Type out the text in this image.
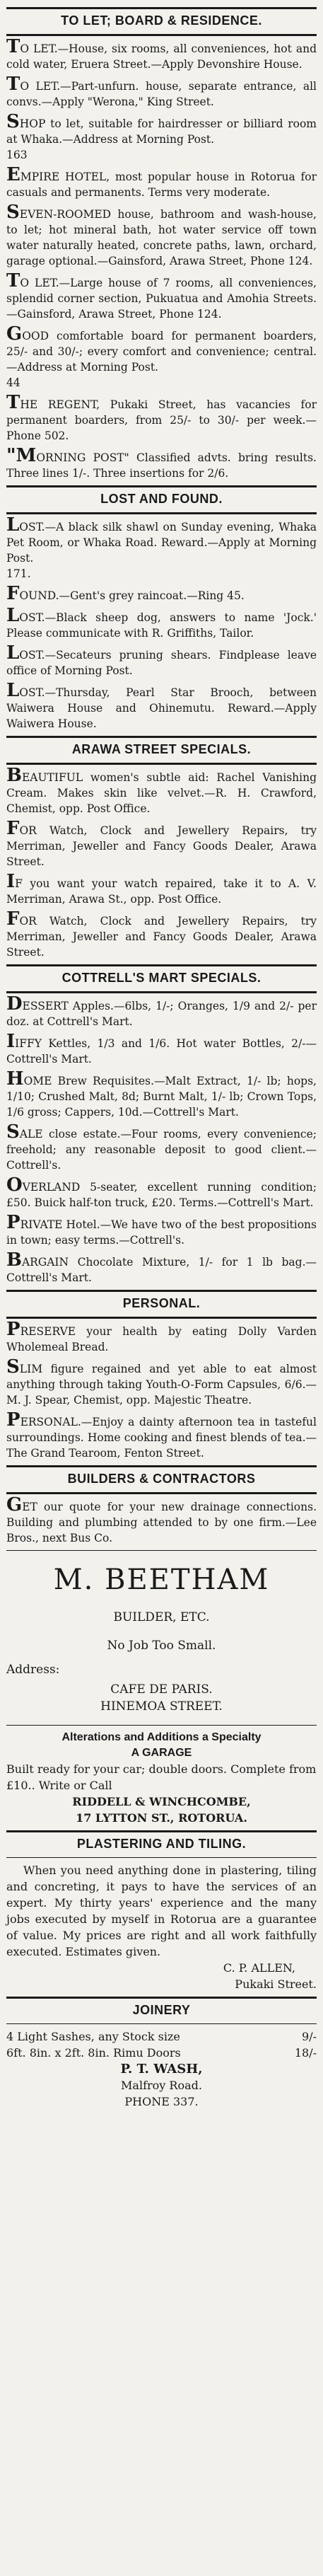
TO LET; BOARD & RESIDENCE.
TO LET.—House, six rooms, all conveniences, hot and cold water, Eruera Street.—Apply Devonshire House.
TO LET.—Part-unfurn. house, separate entrance, all convs.—Apply "Werona," King Street.
SHOP to let, suitable for hairdresser or billiard room at Whaka.—Address at Morning Post.
163
EMPIRE HOTEL, most popular house in Rotorua for casuals and permanents. Terms very moderate.
SEVEN-ROOMED house, bathroom and wash-house, to let; hot mineral bath, hot water service off town water naturally heated, concrete paths, lawn, orchard, garage optional.—Gainsford, Arawa Street, Phone 124.
TO LET.—Large house of 7 rooms, all conveniences, splendid corner section, Pukuatua and Amohia Streets.—Gainsford, Arawa Street, Phone 124.
GOOD comfortable board for permanent boarders, 25/- and 30/-; every comfort and convenience; central.—Address at Morning Post.
44
THE REGENT, Pukaki Street, has vacancies for permanent boarders, from 25/- to 30/- per week.—Phone 502.
"MORNING POST" Classified advts. bring results. Three lines 1/-. Three insertions for 2/6.
LOST AND FOUND.
LOST.—A black silk shawl on Sunday evening, Whaka Pet Room, or Whaka Road. Reward.—Apply at Morning Post.
171.
FOUND.—Gent's grey raincoat.—Ring 45.
LOST.—Black sheep dog, answers to name 'Jock.' Please communicate with R. Griffiths, Tailor.
LOST.—Secateurs pruning shears. Findplease leave office of Morning Post.
LOST.—Thursday, Pearl Star Brooch, between Waiwera House and Ohinemutu. Reward.—Apply Waiwera House.
ARAWA STREET SPECIALS.
BEAUTIFUL women's subtle aid: Rachel Vanishing Cream. Makes skin like velvet.—R. H. Crawford, Chemist, opp. Post Office.
FOR Watch, Clock and Jewellery Repairs, try Merriman, Jeweller and Fancy Goods Dealer, Arawa Street.
IF you want your watch repaired, take it to A. V. Merriman, Arawa St., opp. Post Office.
FOR Watch, Clock and Jewellery Repairs, try Merriman, Jeweller and Fancy Goods Dealer, Arawa Street.
COTTRELL'S MART SPECIALS.
DESSERT Apples.—6lbs, 1/-; Oranges, 1/9 and 2/- per doz. at Cottrell's Mart.
IIFFY Kettles, 1/3 and 1/6. Hot water Bottles, 2/-—Cottrell's Mart.
HOME Brew Requisites.—Malt Extract, 1/- lb; hops, 1/10; Crushed Malt, 8d; Burnt Malt, 1/- lb; Crown Tops, 1/6 gross; Cappers, 10d.—Cottrell's Mart.
SALE close estate.—Four rooms, every convenience; freehold; any reasonable deposit to good client.—Cottrell's.
OVERLAND 5-seater, excellent running condition; £50. Buick half-ton truck, £20. Terms.—Cottrell's Mart.
PRIVATE Hotel.—We have two of the best propositions in town; easy terms.—Cottrell's.
BARGAIN Chocolate Mixture, 1/- for 1 lb bag.—Cottrell's Mart.
PERSONAL.
PRESERVE your health by eating Dolly Varden Wholemeal Bread.
SLIM figure regained and yet able to eat almost anything through taking Youth-O-Form Capsules, 6/6.—M. J. Spear, Chemist, opp. Majestic Theatre.
PERSONAL.—Enjoy a dainty afternoon tea in tasteful surroundings. Home cooking and finest blends of tea.—The Grand Tearoom, Fenton Street.
BUILDERS & CONTRACTORS
GET our quote for your new drainage connections. Building and plumbing attended to by one firm.—Lee Bros., next Bus Co.
M. BEETHAM
BUILDER, ETC.
No Job Too Small.
Address:
CAFE DE PARIS.
HINEMOA STREET.
Alterations and Additions a Specialty
A GARAGE
Built ready for your car; double doors. Complete from £10.. Write or Call
RIDDELL & WINCHCOMBE,
17 LYTTON ST., ROTORUA.
PLASTERING AND TILING.
When you need anything done in plastering, tiling and concreting, it pays to have the services of an expert. My thirty years' experience and the many jobs executed by myself in Rotorua are a guarantee of value. My prices are right and all work faithfully executed. Estimates given.
C. P. ALLEN,
Pukaki Street.
JOINERY
4 Light Sashes, any Stock size	9/-
6ft. 8in. x 2ft. 8in. Rimu Doors	18/-
P. T. WASH,
Malfroy Road.
PHONE 337.
